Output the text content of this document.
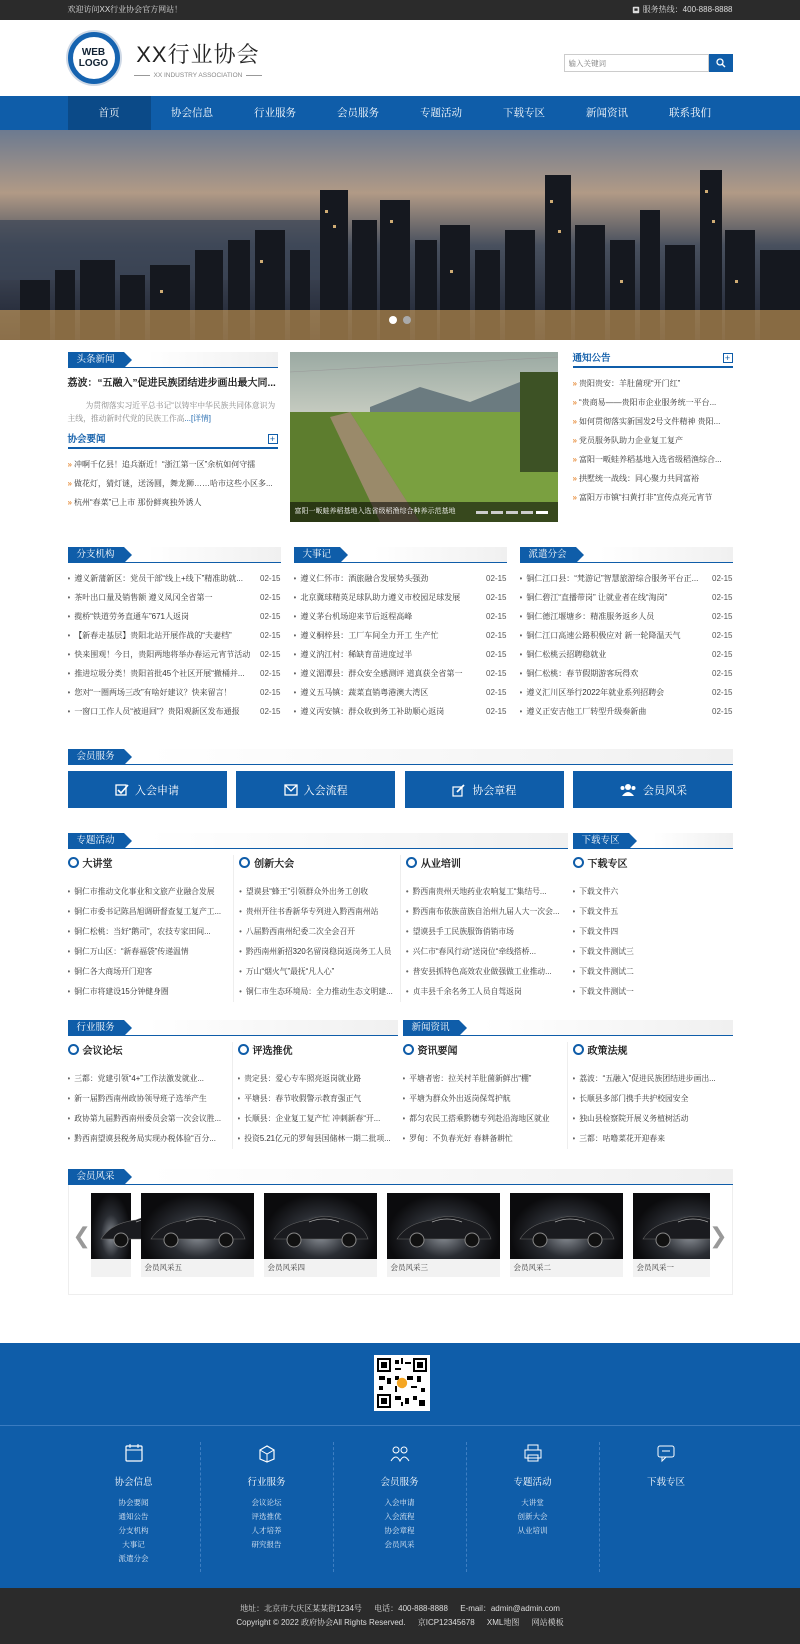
欢迎访问XX行业协会官方网站！	服务热线：400-888-8888
WEB
LOGO XX行业协会
XX INDUSTRY ASSOCIATION
输入关键词
首页	协会信息	行业服务	会员服务	专题活动	下载专区	新闻资讯	联系我们
头条新闻
荔波：“五融入”促进民族团结进步画出最大同...
为贯彻落实习近平总书记“以铸牢中华民族共同体意识为主线，推动新时代党的民族工作高...[详情]
协会要闻	+
» 冲啊千亿县！追兵渐近！“浙江第一区”余杭如何守擂
» 做花灯，猜灯谜，送汤圆，舞龙狮……哈市这些小区多...
» 杭州“春菜”已上市 那份鲜爽独外诱人
富阳一畈蛙养稻基地入选省级稻渔综合种养示范基地
通知公告	+
» 贵阳贵安：羊肚菌现“开门红”
» “贵商易——贵阳市企业服务统一平台...
» 如何贯彻落实新国发2号文件精神 贵阳...
» 党员服务队助力企业复工复产
» 富阳一畈蛙养稻基地入选省级稻渔综合...
» 拱墅统一战线：同心聚力共同富裕
» 富阳万市镇“扫黄打非”宣传点亮元宵节
分支机构
• 遵义新蒲新区：党员干部“线上+线下”精准助就... 02-15
• 茶叶出口量及销售额 遵义凤冈全省第一	02-15
• 揽桥“铁道劳务直通车”671人返岗	02-15
• 【新春走基层】贵阳北站开展作战的“夫妻档”	02-15
• 快来围观！今日，贵阳两地将举办春运元宵节活动 02-15
• 推进垃圾分类！贵阳首批45个社区开展“撤桶并... 02-15
• 您对“一圈两场三改”有啥好建议？快来留言！	02-15
• 一窗口工作人员“被退回”？贵阳观新区发布通报	02-15
大事记
• 遵义仁怀市：酒旅融合发展势头强劲	02-15
• 北京冀球精英足球队助力遵义市校园足球发展	02-15
• 遵义茅台机场迎来节后返程高峰	02-15
• 遵义桐梓县：工厂车间全力开工 生产忙	02-15
• 遵义汭江村：稀缺育苗进度过半	02-15
• 遵义湄潭县：群众安全感测评 道真获全省第一	02-15
• 遵义五马镇：蔬菜直销粤港澳大湾区	02-15
• 遵义丙安镇：群众收到务工补助顺心返岗	02-15
派遣分会
• 铜仁江口县：“梵游记”智慧旅游综合服务平台正... 02-15
• 铜仁碧江“直播带岗” 让就业者在线“淘岗”	02-15
• 铜仁德江堰塘乡：精准服务返乡人员	02-15
• 铜仁江口高速公路积极应对 新一轮降温天气	02-15
• 铜仁松桃云招聘稳就业	02-15
• 铜仁松桃：春节假期游客玩得欢	02-15
• 遵义汇川区举行2022年就业系列招聘会	02-15
• 遵义正安吉他工厂转型升级奏新曲	02-15
会员服务
入会申请	入会流程	协会章程	会员风采
专题活动
大讲堂
• 铜仁市推动文化事业和文旅产业融合发展
• 铜仁市委书记陈昌旭调研督查复工复产工...
• 铜仁松桃：当好“鹅司”，农技专家田间...
• 铜仁万山区：“新春福袋”传递温情
• 铜仁各大商场开门迎客
• 铜仁市将建设15分钟健身圈
创新大会
• 望谟县“蜂王”引领群众外出务工创收
• 贵州开往书香新华专列进入黔西南州站
• 八届黔西南州纪委二次全会召开
• 黔西南州新招320名留岗稳岗返岗务工人员
• 万山“烟火气”最抚“凡人心”
• 铜仁市生态环境局：全力推动生态文明建...
从业培训
• 黔西南贵州天地药业农响复工“集结号...
• 黔西南布依族苗族自治州九届人大一次会...
• 望谟县手工民族服饰俏销市场
• 兴仁市“春风行动”送岗位“牵线搭桥...
• 普安县抓特色高效农业做强做工业推动...
• 贞丰县千余名务工人员自驾返岗
下载专区
下载专区
• 下载文件六
• 下载文件五
• 下载文件四
• 下载文件测试三
• 下载文件测试二
• 下载文件测试一
行业服务
会议论坛
• 三都：党建引领“4+”工作法激发就业...
• 新一届黔西南州政协领导班子选举产生
• 政协第九届黔西南州委员会第一次会议胜...
• 黔西南望谟县税务局实现办税体验“百分...
评选推优
• 贵定县：爱心专车照亮返岗就业路
• 平塘县：春节收假警示教育强正气
• 长顺县：企业复工复产忙 冲刺新春“开...
• 投资5.21亿元的罗甸县国储林一期二批项...
新闻资讯
资讯要闻
• 平塘者密：拉关村羊肚菌新鲜出“棚”
• 平塘为群众外出返岗保驾护航
• 都匀农民工搭乘黔穗专列赴沿海地区就业
• 罗甸：不负春光好 春耕备耕忙
政策法规
• 荔波：“五融入”促进民族团结进步画出...
• 长顺县多部门携手共护校园安全
• 独山县检察院开展义务植树活动
• 三都：咕噜菜花开迎春来
会员风采
❮
会员风采五	会员风采四	会员风采三	会员风采二	会员风采一
❯
协会信息
协会要闻
通知公告
分支机构
大事记
派遣分会
行业服务
会议论坛
评选推优
人才培养
研究报告
会员服务
入会申请
入会流程
协会章程
会员风采
专题活动
大讲堂
创新大会
从业培训
下载专区
地址：北京市大庆区某某街1234号 电话：400-888-8888 E-mail：admin@admin.com
Copyright © 2022 政府协会All Rights Reserved. 京ICP12345678 XML地图 网站模板
